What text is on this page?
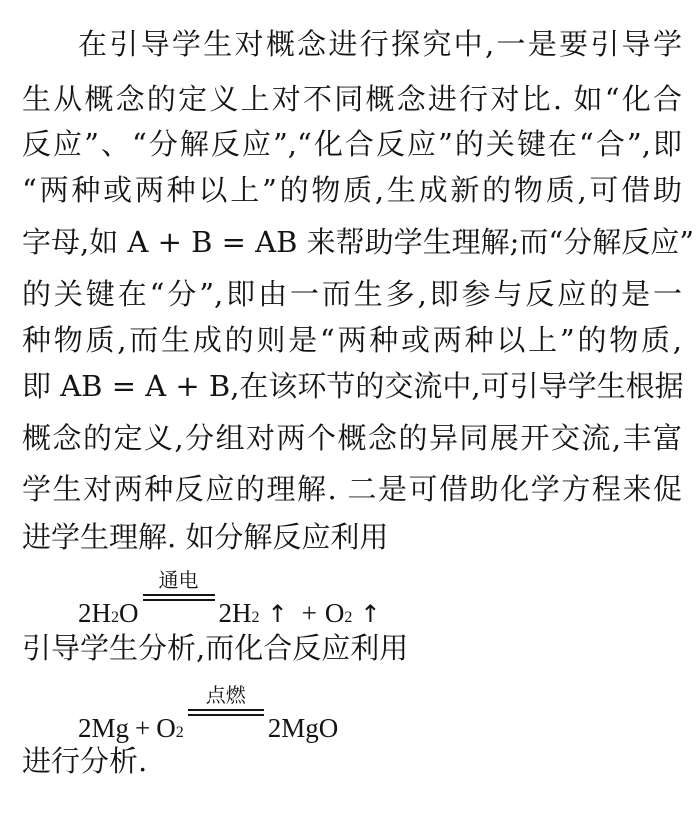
在引导学生对概念进行探究中,一是要引导学
生从概念的定义上对不同概念进行对比. 如“化合
反应”、“分解反应”,“化合反应”的关键在“合”,即
“两种或两种以上”的物质,生成新的物质,可借助
字母,如 A + B = AB 来帮助学生理解;而“分解反应”
的关键在“分”,即由一而生多,即参与反应的是一
种物质,而生成的则是“两种或两种以上”的物质,
即 AB = A + B,在该环节的交流中,可引导学生根据
概念的定义,分组对两个概念的异同展开交流,丰富
学生对两种反应的理解. 二是可借助化学方程来促
进学生理解. 如分解反应利用
2 H 2 O
通电
2 H 2 ↑ + O 2 ↑
引导学生分析,而化合反应利用
2Mg + O 2
点燃
2MgO
进行分析.
